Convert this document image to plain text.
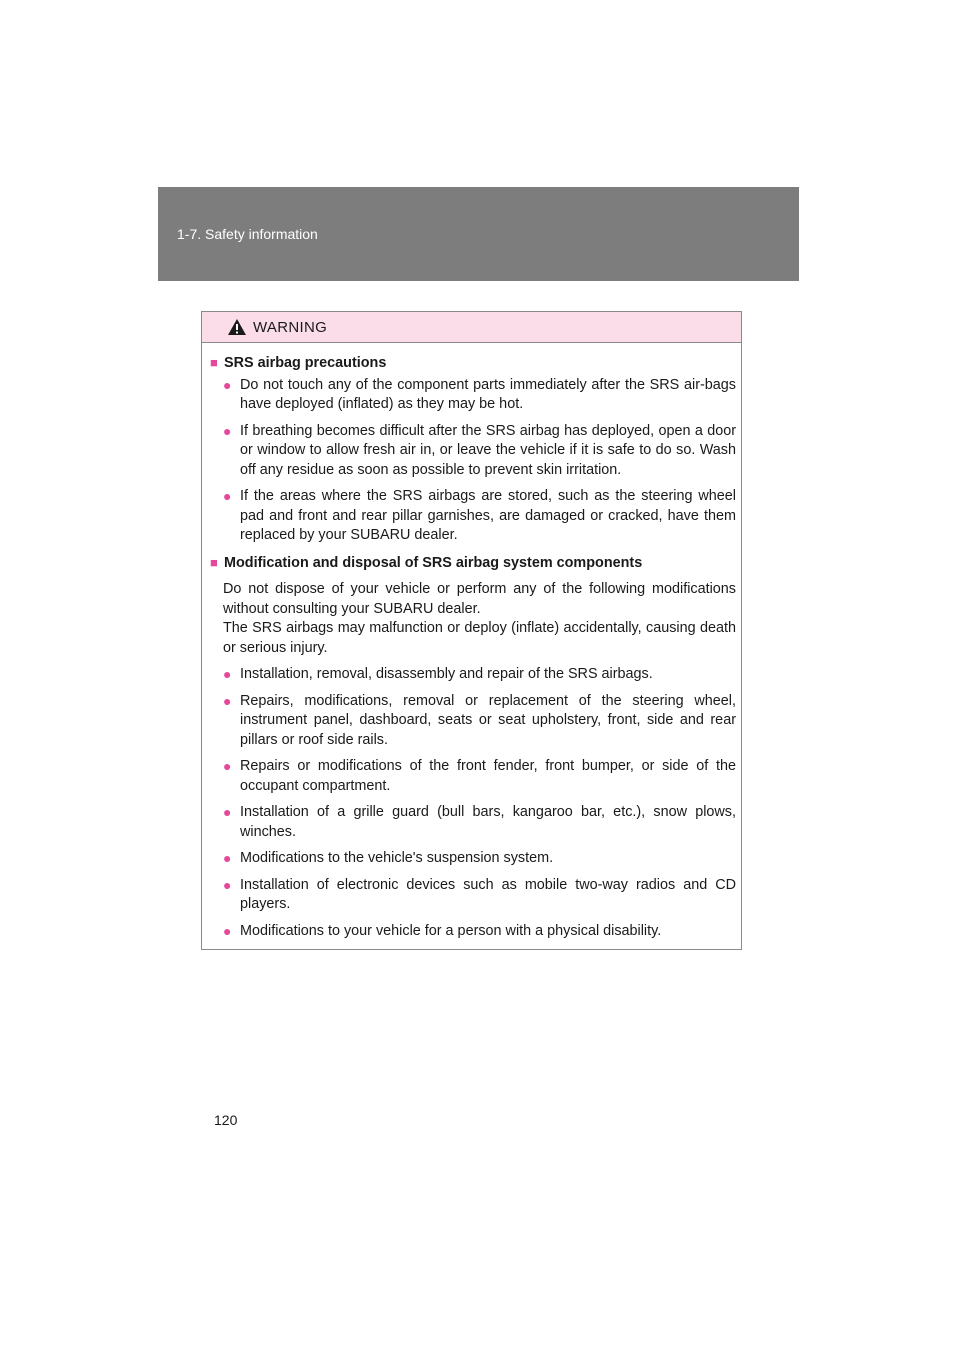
1-7. Safety information
WARNING
■ SRS airbag precautions
● Do not touch any of the component parts immediately after the SRS air-bags have deployed (inflated) as they may be hot.
● If breathing becomes difficult after the SRS airbag has deployed, open a door or window to allow fresh air in, or leave the vehicle if it is safe to do so. Wash off any residue as soon as possible to prevent skin irritation.
● If the areas where the SRS airbags are stored, such as the steering wheel pad and front and rear pillar garnishes, are damaged or cracked, have them replaced by your SUBARU dealer.
■ Modification and disposal of SRS airbag system components
Do not dispose of your vehicle or perform any of the following modifications without consulting your SUBARU dealer.
The SRS airbags may malfunction or deploy (inflate) accidentally, causing death or serious injury.
● Installation, removal, disassembly and repair of the SRS airbags.
● Repairs, modifications, removal or replacement of the steering wheel, instrument panel, dashboard, seats or seat upholstery, front, side and rear pillars or roof side rails.
● Repairs or modifications of the front fender, front bumper, or side of the occupant compartment.
● Installation of a grille guard (bull bars, kangaroo bar, etc.), snow plows, winches.
● Modifications to the vehicle's suspension system.
● Installation of electronic devices such as mobile two-way radios and CD players.
● Modifications to your vehicle for a person with a physical disability.
120
